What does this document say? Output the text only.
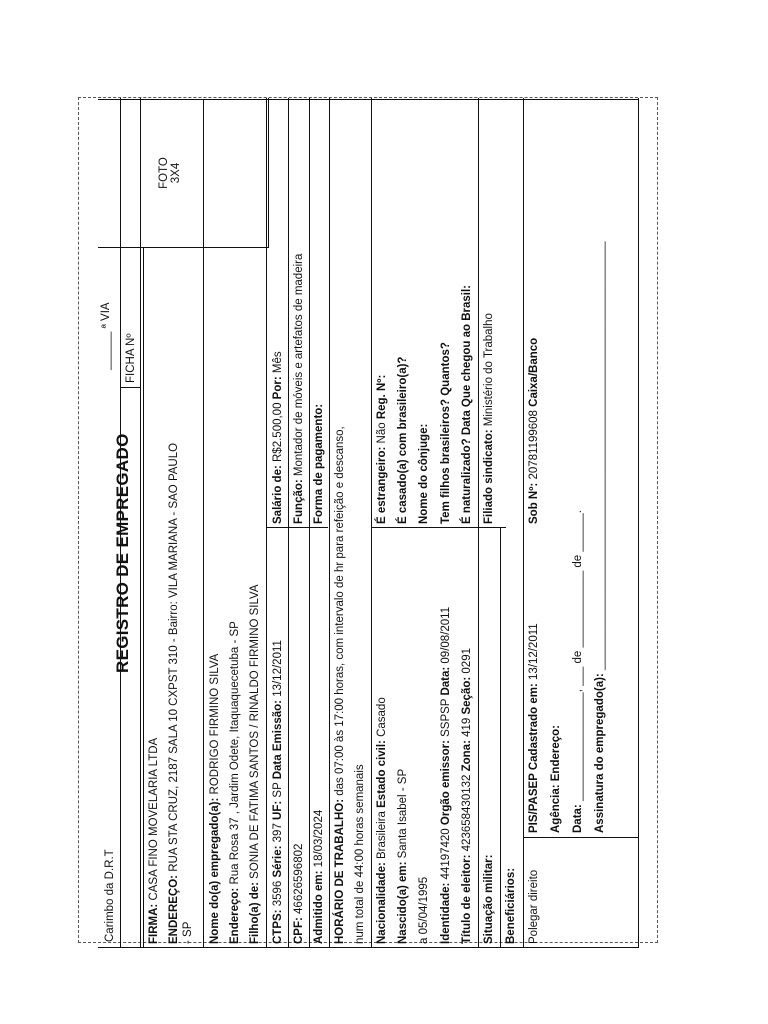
Carimbo da D.R.T
______ ª VIA
REGISTRO DE EMPREGADO
FICHA Nº
FOTO 3X4
FIRMA: CASA FINO MOVELARIA LTDA
ENDEREÇO: RUA STA CRUZ, 2187 SALA 10 CXPST 310 - Bairro: VILA MARIANA - SAO PAULO
- SP Nome do(a) empregado(a): RODRIGO FIRMINO SILVA
Endereço: Rua Rosa 37 , Jardim Odete, Itaquaquecetuba - SP
Filho(a) de: SONIA DE FATIMA SANTOS / RINALDO FIRMINO SILVA
CTPS: 3596 Série: 397 UF: SP Data Emissão: 13/12/2011
Salário de: R$2.500,00 Por: Mês
CPF: 46626596802
Função: Montador de móveis e artefatos de madeira
Admitido em: 18/03/2024
Forma de pagamento:
HORÁRIO DE TRABALHO: das 07:00 às 17:00 horas, com intervalo de hr para refeição e descanso,
num total de 44:00 horas semanais Nacionalidade: Brasileira Estado civil: Casado
É estrangeiro: Não Reg. Nº:
Nascido(a) em: Santa Isabel - SP
É casado(a) com brasileiro(a)?
a 05/04/1995
Nome do cônjuge:
Identidade: 44197420 Orgão emissor: SSPSP Data: 09/08/2011
Tem filhos brasileiros? Quantos?
Título de eleitor: 423658430132 Zona: 419 Seção: 0291
É naturalizado? Data Que chegou ao Brasil:
Situação militar:
Filiado sindicato: Ministério do Trabalho
Beneficiários: Polegar direito
PIS/PASEP Cadastrado em: 13/12/2011
Sob Nº: 20781199608 Caixa/Banco
Agência: Endereço: Data: _________________, ___ de ____________ de ______.
Assinatura do empregado(a): ___________________________________________________________________
